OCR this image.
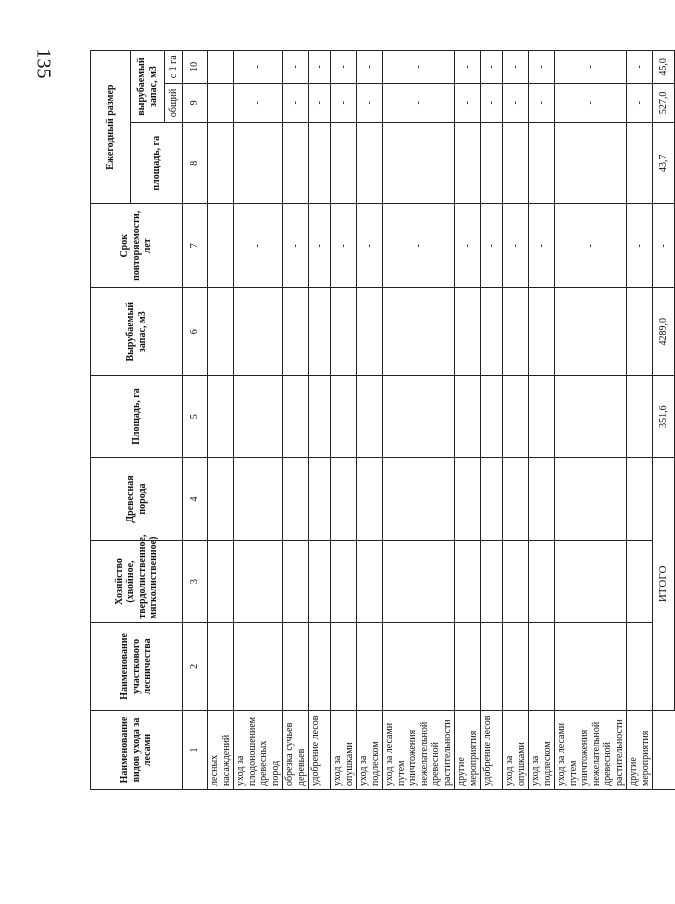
135
Наименование видов ухода за лесами	Наименование участкового лесничества	Хозяйство (хвойное, твердолиственное, мягколиственное)	Древесная порода	Площадь, га	Вырубаемый запас, м3	Срок повторяемости, лет	Ежегодный размер		
							площадь, га	вырубаемый запас, м3	
								общий	с 1 га
1	2	3	4	5	6	7	8	9	10
лесных насаждений									
уход за плодоношением древесных пород						-		-	-
обрезка сучьев деревьев						-		-	-
удобрение лесов						-		-	-
уход за опушками						-		-	-
уход за подлеском						-		-	-
уход за лесами путем уничтожения нежелательной древесной растительности						-		-	-
другие мероприятия						-		-	-
удобрение лесов						-		-	-
уход за опушками						-		-	-
уход за подлеском						-		-	-
уход за лесами путем уничтожения нежелательной древесной растительности						-		-	-
другие мероприятия						-		-	-
	ИТОГО			351,6	4289,0	-	43,7	527,0	45,0
